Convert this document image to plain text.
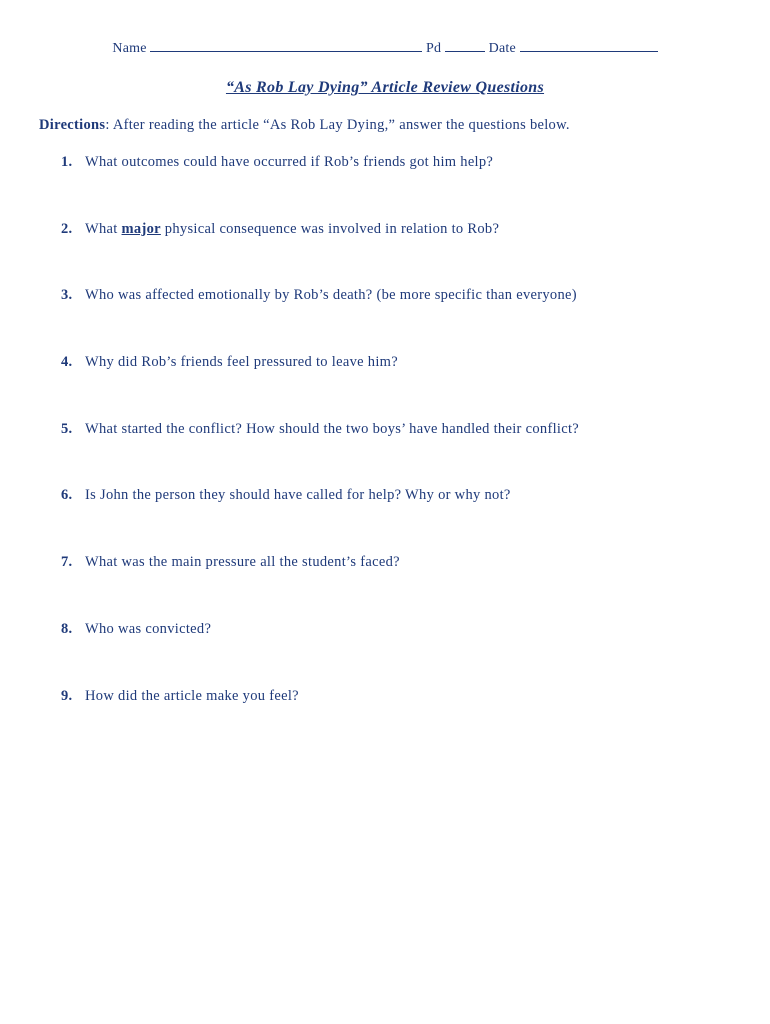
Name	Pd	Date
“As Rob Lay Dying” Article Review Questions
Directions: After reading the article “As Rob Lay Dying,” answer the questions below.
1. What outcomes could have occurred if Rob’s friends got him help?
2. What major physical consequence was involved in relation to Rob?
3. Who was affected emotionally by Rob’s death? (be more specific than everyone)
4. Why did Rob’s friends feel pressured to leave him?
5. What started the conflict? How should the two boys’ have handled their conflict?
6. Is John the person they should have called for help? Why or why not?
7. What was the main pressure all the student’s faced?
8. Who was convicted?
9. How did the article make you feel?
